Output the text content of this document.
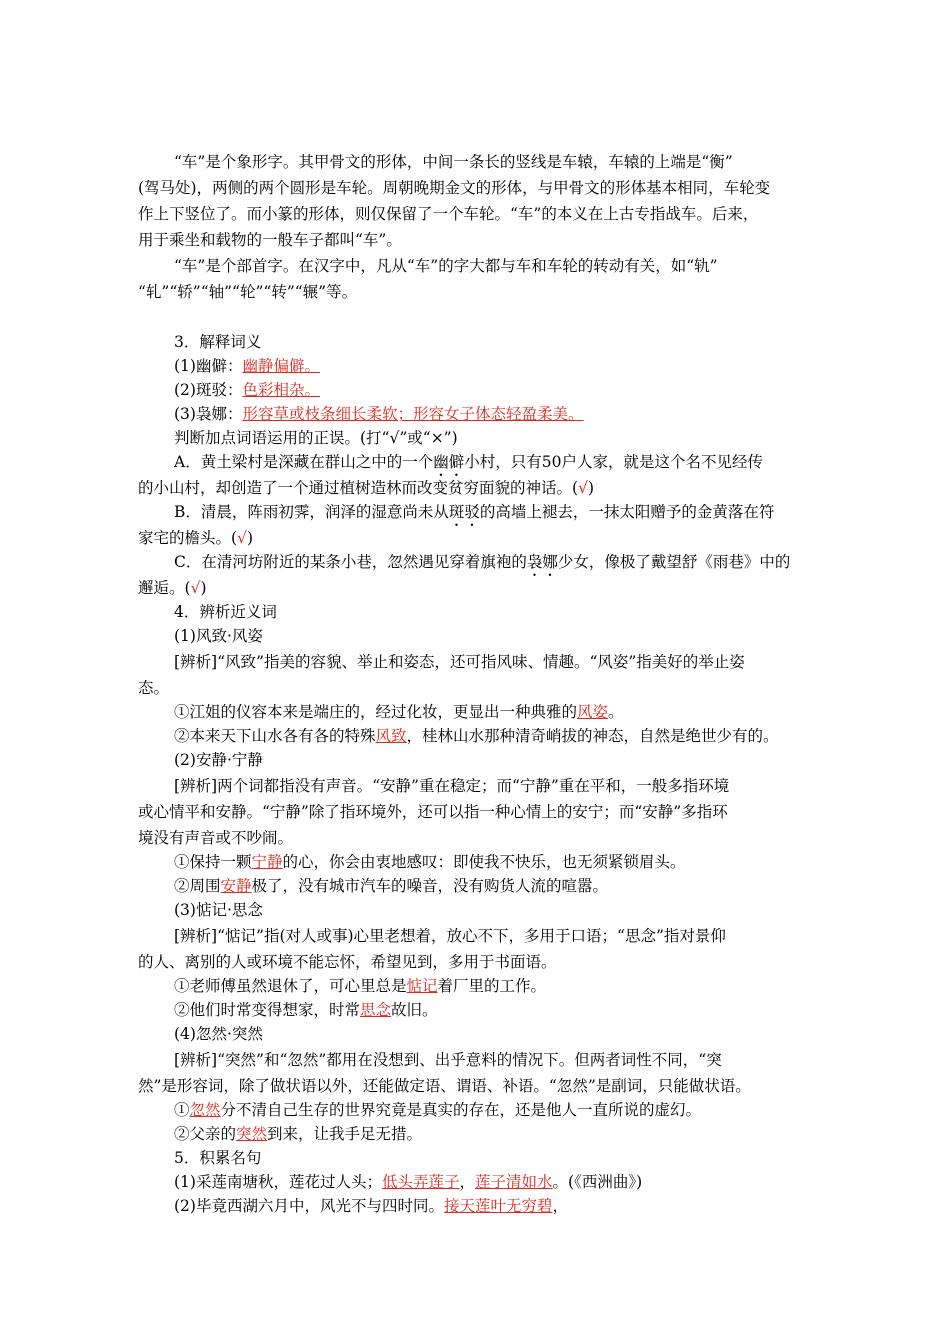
“车”是个象形字。其甲骨文的形体，中间一条长的竖线是车辕，车辕的上端是“衡”
(驾马处)，两侧的两个圆形是车轮。周朝晚期金文的形体，与甲骨文的形体基本相同，车轮变
作上下竖位了。而小篆的形体，则仅保留了一个车轮。“车”的本义在上古专指战车。后来，
用于乘坐和载物的一般车子都叫“车”。
“车”是个部首字。在汉字中，凡从“车”的字大都与车和车轮的转动有关，如“轨”
“轧”“轿”“轴”“轮”“转”“辗”等。
3．解释词义
(1)幽僻：幽静偏僻。
(2)斑驳：色彩相杂。
(3)袅娜：形容草或枝条细长柔软；形容女子体态轻盈柔美。
判断加点词语运用的正误。(打“√”或“×”)
A．黄土梁村是深藏在群山之中的一个幽僻小村，只有50户人家，就是这个名不见经传
的小山村，却创造了一个通过植树造林而改变贫穷面貌的神话。(√)
B．清晨，阵雨初霁，润泽的湿意尚未从斑驳的高墙上褪去，一抹太阳赠予的金黄落在符
家宅的檐头。(√)
C．在清河坊附近的某条小巷，忽然遇见穿着旗袍的袅娜少女，像极了戴望舒《雨巷》中的
邂逅。(√)
4．辨析近义词
(1)风致·风姿
[辨析]“风致”指美的容貌、举止和姿态，还可指风味、情趣。“风姿”指美好的举止姿
态。
①江姐的仪容本来是端庄的，经过化妆，更显出一种典雅的风姿。
②本来天下山水各有各的特殊风致，桂林山水那种清奇峭拔的神态，自然是绝世少有的。
(2)安静·宁静
[辨析]两个词都指没有声音。“安静”重在稳定；而“宁静”重在平和，一般多指环境
或心情平和安静。“宁静”除了指环境外，还可以指一种心情上的安宁；而“安静”多指环
境没有声音或不吵闹。
①保持一颗宁静的心，你会由衷地感叹：即使我不快乐，也无须紧锁眉头。
②周围安静极了，没有城市汽车的噪音，没有购货人流的喧嚣。
(3)惦记·思念
[辨析]“惦记”指(对人或事)心里老想着，放心不下，多用于口语；“思念”指对景仰
的人、离别的人或环境不能忘怀，希望见到，多用于书面语。
①老师傅虽然退休了，可心里总是惦记着厂里的工作。
②他们时常变得想家，时常思念故旧。
(4)忽然·突然
[辨析]“突然”和“忽然”都用在没想到、出乎意料的情况下。但两者词性不同，“突
然”是形容词，除了做状语以外，还能做定语、谓语、补语。“忽然”是副词，只能做状语。
①忽然分不清自己生存的世界究竟是真实的存在，还是他人一直所说的虚幻。
②父亲的突然到来，让我手足无措。
5．积累名句
(1)采莲南塘秋，莲花过人头；低头弄莲子，莲子清如水。(《西洲曲》)
(2)毕竟西湖六月中，风光不与四时同。接天莲叶无穷碧，
